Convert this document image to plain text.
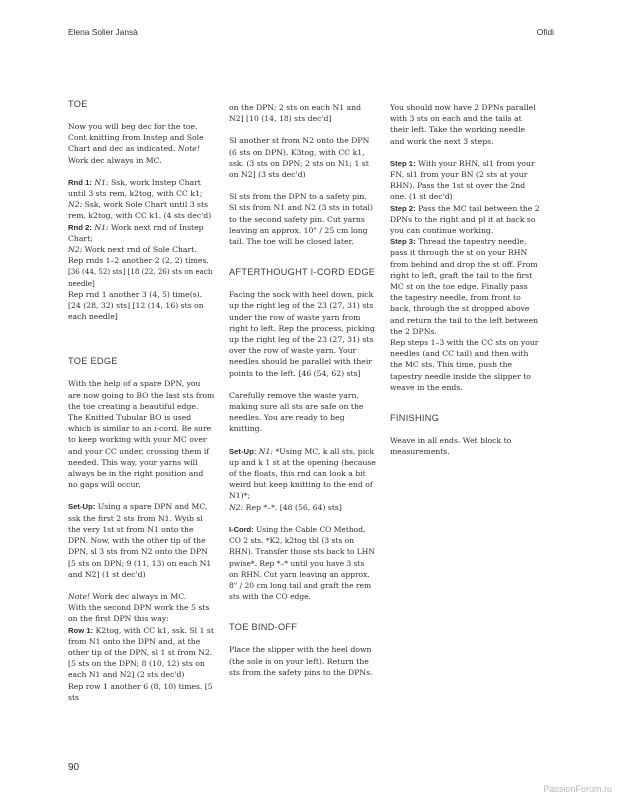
Elena Solier Jansà	Ofidi
TOE

Now you will beg dec for the toe. Cont knitting from Instep and Sole Chart and dec as indicated. Note! Work dec always in MC.

Rnd 1: N1: Ssk, work Instep Chart until 3 sts rem, k2tog, with CC k1;
N2: Ssk, work Sole Chart until 3 sts rem, k2tog, with CC k1. (4 sts dec'd)
Rnd 2: N1: Work next rnd of Instep Chart;
N2: Work next rnd of Sole Chart.
Rep rnds 1–2 another 2 (2, 2) times.
[36 (44, 52) sts] [18 (22, 26) sts on each needle]

Rep rnd 1 another 3 (4, 5) time(s). [24 (28, 32) sts] [12 (14, 16) sts on each needle]

TOE EDGE

With the help of a spare DPN, you are now going to BO the last sts from the toe creating a beautiful edge. The Knitted Tubular BO is used which is similar to an i-cord. Be sure to keep working with your MC over and your CC under, crossing them if needed. This way, your yarns will always be in the right position and no gaps will occur.

Set-Up: Using a spare DPN and MC, ssk the first 2 sts from N1. Wyib sl the very 1st st from N1 onto the DPN. Now, with the other tip of the DPN, sl 3 sts from N2 onto the DPN [5 sts on DPN; 9 (11, 13) on each N1 and N2] (1 st dec'd)

Note! Work dec always in MC.
With the second DPN work the 5 sts on the first DPN this way:
Row 1: K2tog, with CC k1, ssk. Sl 1 st from N1 onto the DPN and, at the other tip of the DPN, sl 1 st from N2. [5 sts on the DPN; 8 (10, 12) sts on each N1 and N2] (2 sts dec'd)
Rep row 1 another 6 (8, 10) times. [5 sts

on the DPN; 2 sts on each N1 and N2] [10 (14, 18) sts dec'd]

Sl another st from N2 onto the DPN (6 sts on DPN). K3tog, with CC k1, ssk. (3 sts on DPN; 2 sts on N1; 1 st on N2] (3 sts dec'd)

Sl sts from the DPN to a safety pin. Sl sts from N1 and N2 (3 sts in total) to the second safety pin. Cut yarns leaving an approx. 10" / 25 cm long tail. The toe will be closed later.

AFTERTHOUGHT I-CORD EDGE

Facing the sock with heel down, pick up the right leg of the 23 (27, 31) sts under the row of waste yarn from right to left. Rep the process, picking up the right leg of the 23 (27, 31) sts over the row of waste yarn. Your needles should be parallel with their points to the left. [46 (54, 62) sts]

Carefully remove the waste yarn, making sure all sts are safe on the needles. You are ready to beg knitting.

Set-Up: N1: *Using MC, k all sts, pick up and k 1 st at the opening (because of the floats, this rnd can look a bit weird but keep knitting to the end of N1)*;
N2: Rep *–*. [48 (56, 64) sts]

I-Cord: Using the Cable CO Method, CO 2 sts. *K2, k2tog tbl (3 sts on RHN). Transfer those sts back to LHN pwise*. Rep *–* until you have 3 sts on RHN. Cut yarn leaving an approx. 8" / 20 cm long tail and graft the rem sts with the CO edge.

TOE BIND-OFF

Place the slipper with the heel down (the sole is on your left). Return the sts from the safety pins to the DPNs.

You should now have 2 DPNs parallel with 3 sts on each and the tails at their left. Take the working needle and work the next 3 steps.

Step 1: With your RHN, sl1 from your FN, sl1 from your BN (2 sts at your RHN). Pass the 1st st over the 2nd one. (1 st dec'd)
Step 2: Pass the MC tail between the 2 DPNs to the right and pl it at back so you can continue working.
Step 3: Thread the tapestry needle, pass it through the st on your RHN from behind and drop the st off. From right to left, graft the tail to the first MC st on the toe edge. Finally pass the tapestry needle, from front to back, through the st dropped above and return the tail to the left between the 2 DPNs.

Rep steps 1–3 with the CC sts on your needles (and CC tail) and then with the MC sts. This time, push the tapestry needle inside the slipper to weave in the ends.

FINISHING

Weave in all ends. Wet block to measurements.

90
PassionForum.ru
